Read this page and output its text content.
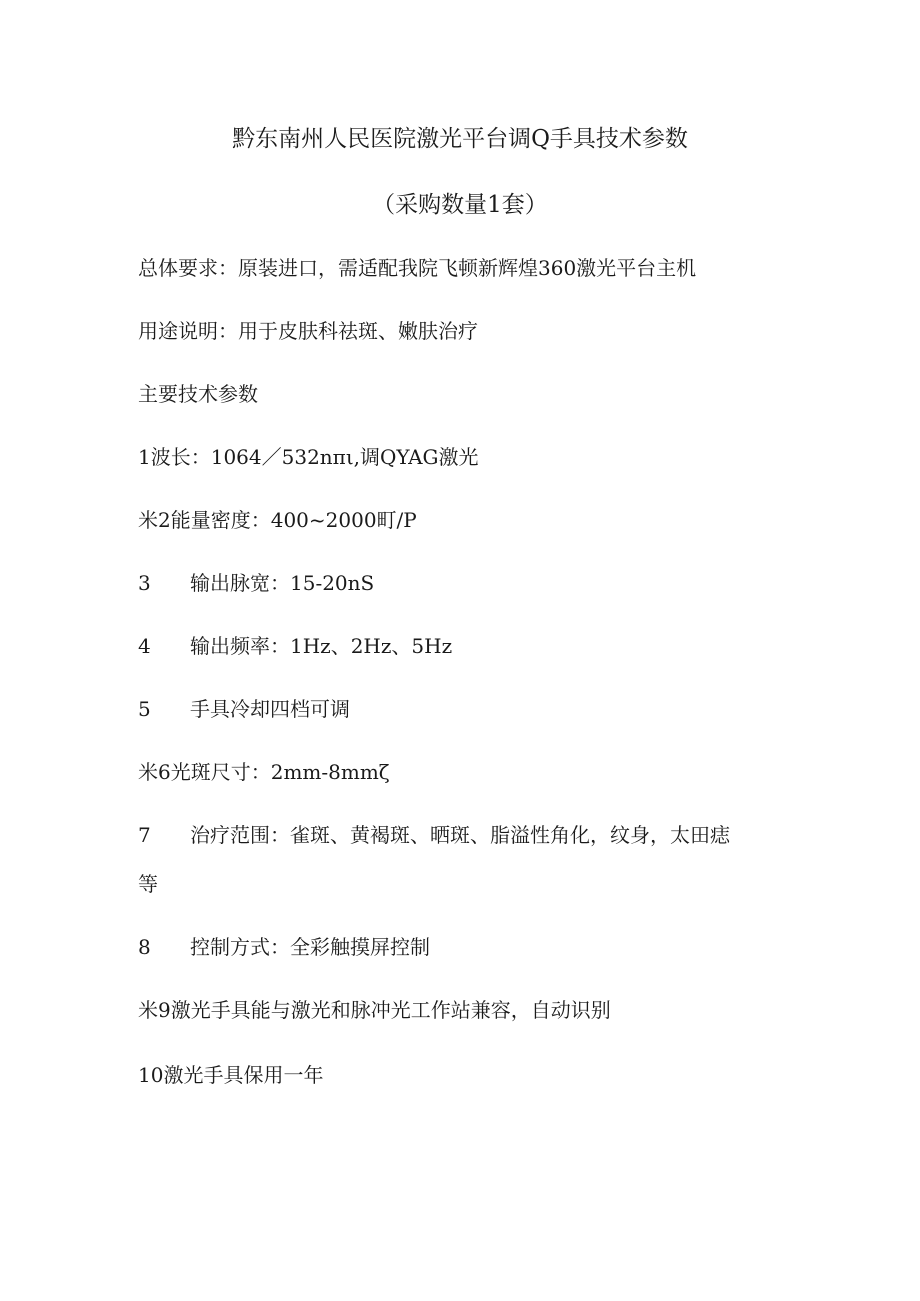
黔东南州人民医院激光平台调Q手具技术参数
（采购数量1套）
总体要求：原装进口，需适配我院飞顿新辉煌360激光平台主机
用途说明：用于皮肤科祛斑、嫩肤治疗
主要技术参数
1波长：1064／532nπι,调QYAG激光
米2能量密度：400~2000町/P
3 输出脉宽：15-20nS
4 输出频率：1Hz、2Hz、5Hz
5 手具冷却四档可调
米6光斑尺寸：2mm-8mmζ
7 治疗范围：雀斑、黄褐斑、晒斑、脂溢性角化，纹身，太田痣
等
8 控制方式：全彩触摸屏控制
米9激光手具能与激光和脉冲光工作站兼容，自动识别
10激光手具保用一年
